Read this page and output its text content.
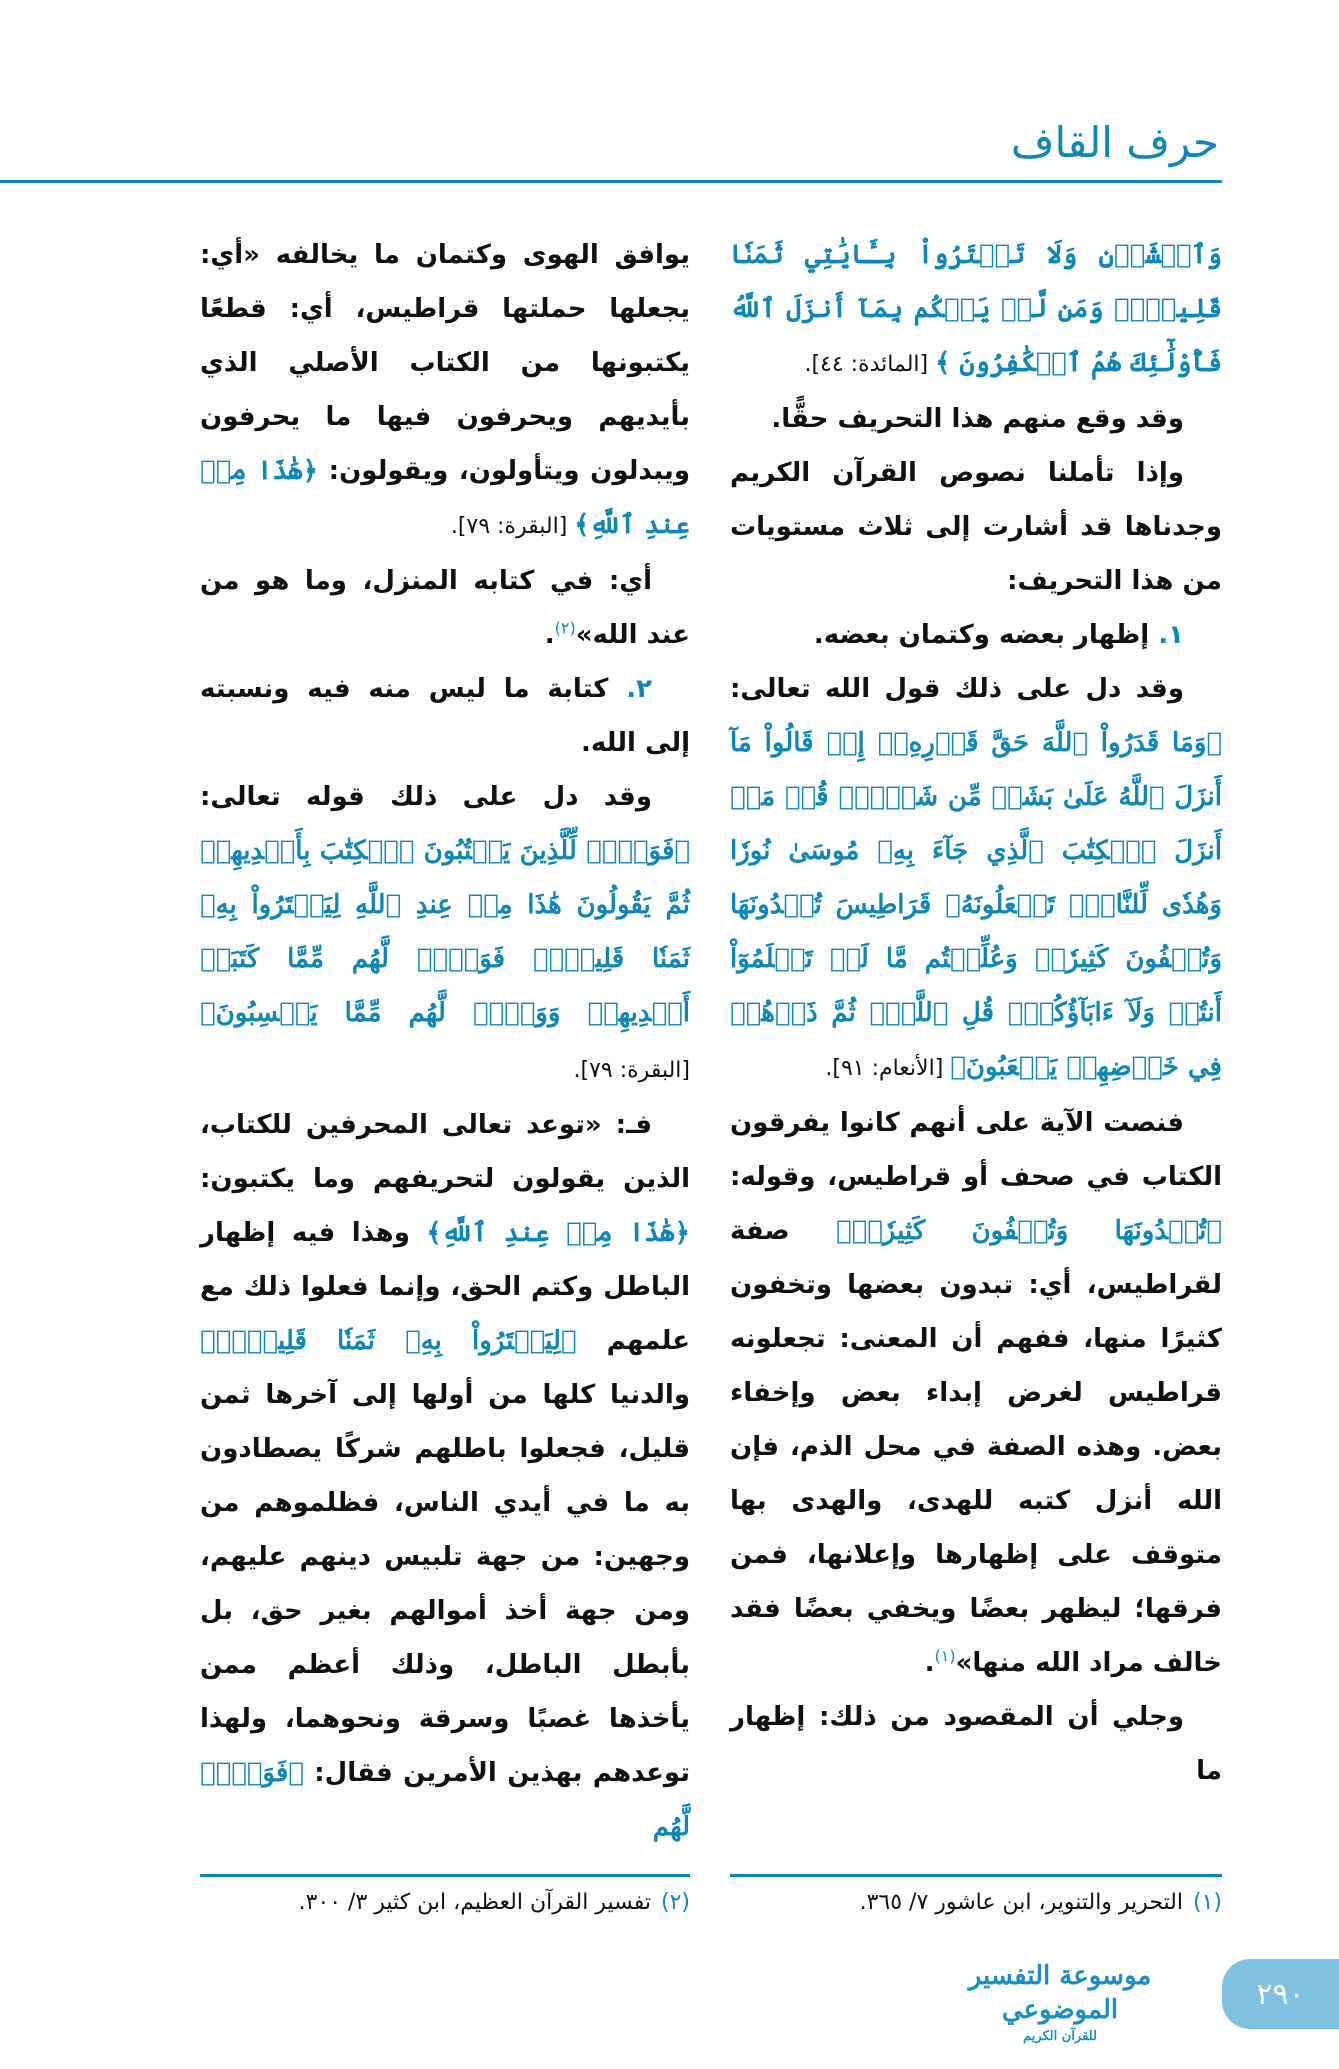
حرف القاف

وَٱخۡشَوۡنِ وَلَا تَشۡتَرُواْ بِـَٔايَٰتِي ثَمَنٗا قَلِيلٗاۚ وَمَن لَّمۡ يَحۡكُم بِمَآ أَنزَلَ ٱللَّهُ فَأُوْلَٰٓئِكَ هُمُ ٱلۡكَٰفِرُونَ ﴾ [المائدة: ٤٤].

وقد وقع منهم هذا التحريف حقًّا.

وإذا تأملنا نصوص القرآن الكريم وجدناها قد أشارت إلى ثلاث مستويات من هذا التحريف:

١. إظهار بعضه وكتمان بعضه.

وقد دل على ذلك قول الله تعالى: ﴿وَمَا قَدَرُواْ ٱللَّهَ حَقَّ قَدۡرِهِۦٓ إِذۡ قَالُواْ مَآ أَنزَلَ ٱللَّهُ عَلَىٰ بَشَرٖ مِّن شَيۡءٖۗ قُلۡ مَنۡ أَنزَلَ ٱلۡكِتَٰبَ ٱلَّذِي جَآءَ بِهِۦ مُوسَىٰ نُورٗا وَهُدٗى لِّلنَّاسِۖ تَجۡعَلُونَهُۥ قَرَاطِيسَ تُبۡدُونَهَا وَتُخۡفُونَ كَثِيرٗاۖ وَعُلِّمۡتُم مَّا لَمۡ تَعۡلَمُوٓاْ أَنتُمۡ وَلَآ ءَابَآؤُكُمۡۖ قُلِ ٱللَّهُۖ ثُمَّ ذَرۡهُمۡ فِي خَوۡضِهِمۡ يَلۡعَبُونَ﴾ [الأنعام: ٩١].

فنصت الآية على أنهم كانوا يفرقون الكتاب في صحف أو قراطيس، وقوله: ﴿تُبۡدُونَهَا وَتُخۡفُونَ كَثِيرٗاۖ﴾ صفة لقراطيس، أي: تبدون بعضها وتخفون كثيرًا منها، ففهم أن المعنى: تجعلونه قراطيس لغرض إبداء بعض وإخفاء بعض. وهذه الصفة في محل الذم، فإن الله أنزل كتبه للهدى، والهدى بها متوقف على إظهارها وإعلانها، فمن فرقها؛ ليظهر بعضًا ويخفي بعضًا فقد خالف مراد الله منها»$^{(١)}$.

وجلي أن المقصود من ذلك: إظهار ما

يوافق الهوى وكتمان ما يخالفه «أي: يجعلها حملتها قراطيس، أي: قطعًا يكتبونها من الكتاب الأصلي الذي بأيديهم ويحرفون فيها ما يحرفون ويبدلون ويتأولون، ويقولون: ﴿هَٰذَا مِنۡ عِندِ ٱللَّهِ﴾ [البقرة: ٧٩].

أي: في كتابه المنزل، وما هو من عند الله»$^{(٢)}$.

٢. كتابة ما ليس منه فيه ونسبته إلى الله.

وقد دل على ذلك قوله تعالى: ﴿فَوَيۡلٞ لِّلَّذِينَ يَكۡتُبُونَ ٱلۡكِتَٰبَ بِأَيۡدِيهِمۡ ثُمَّ يَقُولُونَ هَٰذَا مِنۡ عِندِ ٱللَّهِ لِيَشۡتَرُواْ بِهِۦ ثَمَنٗا قَلِيلٗاۖ فَوَيۡلٞ لَّهُم مِّمَّا كَتَبَتۡ أَيۡدِيهِمۡ وَوَيۡلٞ لَّهُم مِّمَّا يَكۡسِبُونَ﴾ [البقرة: ٧٩].

فـ: «توعد تعالى المحرفين للكتاب، الذين يقولون لتحريفهم وما يكتبون: ﴿هَٰذَا مِنۡ عِندِ ٱللَّهِ﴾ وهذا فيه إظهار الباطل وكتم الحق، وإنما فعلوا ذلك مع علمهم ﴿لِيَشۡتَرُواْ بِهِۦ ثَمَنٗا قَلِيلٗاۖ﴾ والدنيا كلها من أولها إلى آخرها ثمن قليل، فجعلوا باطلهم شركًا يصطادون به ما في أيدي الناس، فظلموهم من وجهين: من جهة تلبيس دينهم عليهم، ومن جهة أخذ أموالهم بغير حق، بل بأبطل الباطل، وذلك أعظم ممن يأخذها غصبًا وسرقة ونحوهما، ولهذا توعدهم بهذين الأمرين فقال: ﴿فَوَيۡلٞ لَّهُم

(١)التحرير والتنوير، ابن عاشور ٧/ ٣٦٥.
(٢)تفسير القرآن العظيم، ابن كثير ٣/ ٣٠٠.
موسوعة التفسير الموضوعي
للقرآن الكريم
٢٩٠
